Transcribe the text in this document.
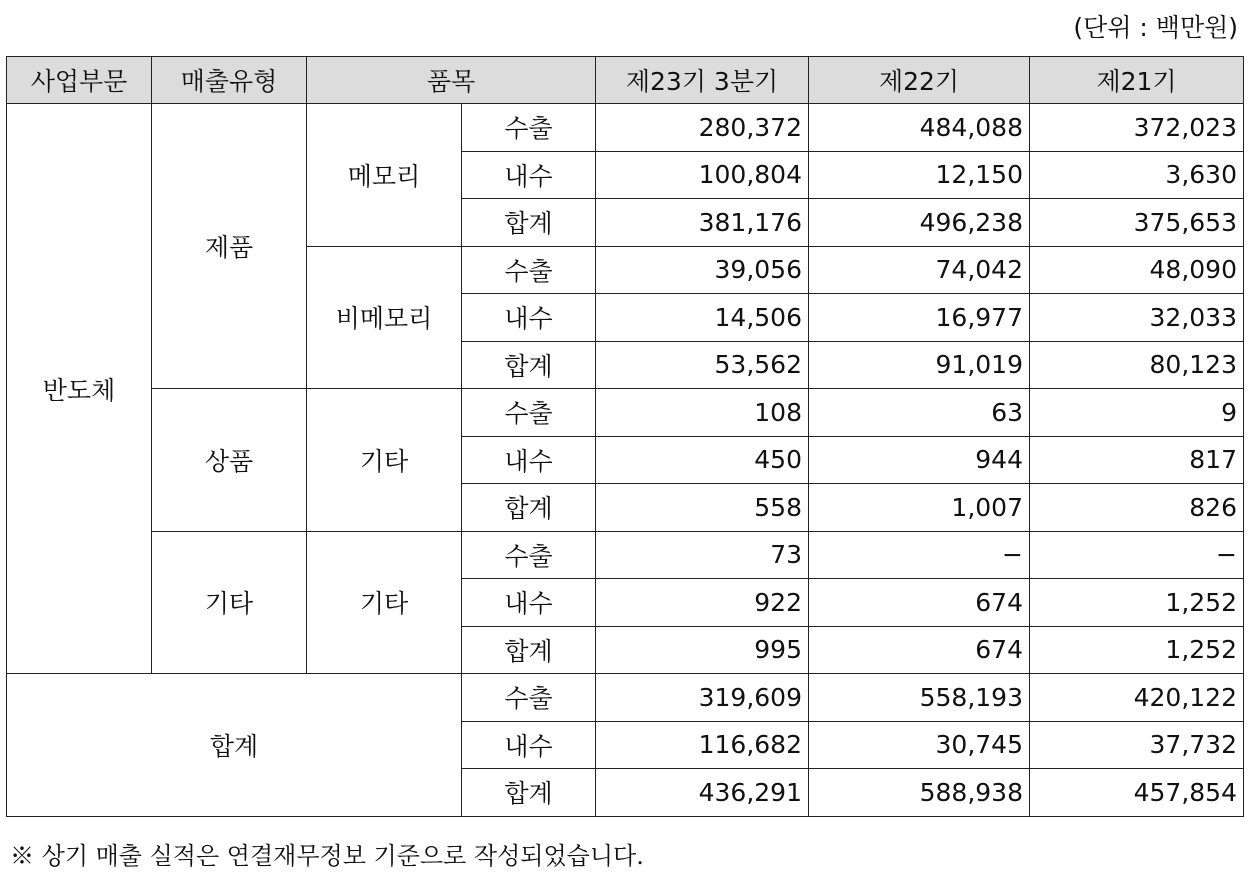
(단위 : 백만원)
사업부문	매출유형	품목		제23기 3분기	제22기	제21기
반도체	제품	메모리	수출	280,372	484,088	372,023
			내수	100,804	12,150	3,630
			합계	381,176	496,238	375,653
		비메모리	수출	39,056	74,042	48,090
			내수	14,506	16,977	32,033
			합계	53,562	91,019	80,123
	상품	기타	수출	108	63	9
			내수	450	944	817
			합계	558	1,007	826
	기타	기타	수출	73	−	−
			내수	922	674	1,252
			합계	995	674	1,252
합계			수출	319,609	558,193	420,122
			내수	116,682	30,745	37,732
			합계	436,291	588,938	457,854
※ 상기 매출 실적은 연결재무정보 기준으로 작성되었습니다.
